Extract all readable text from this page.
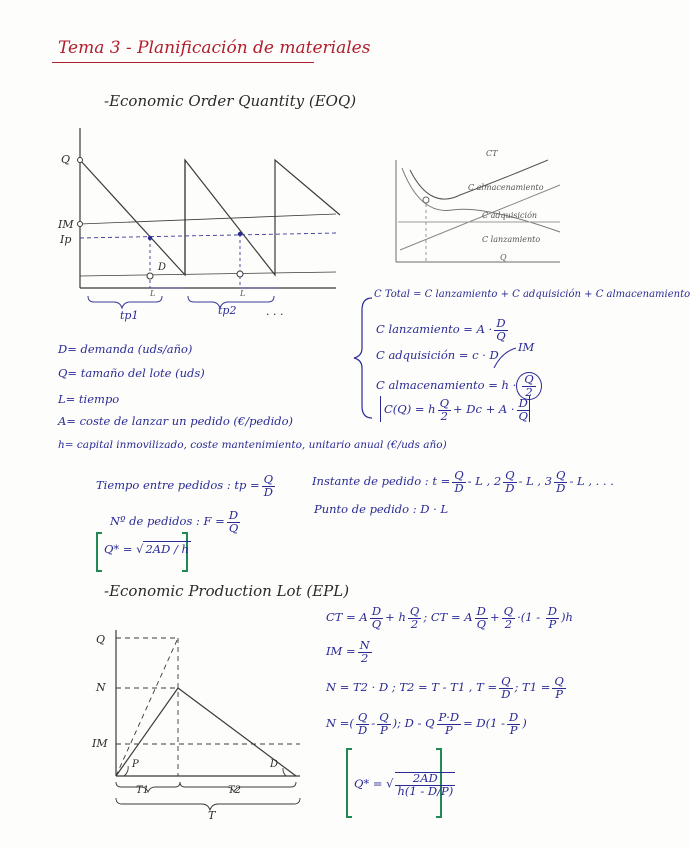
Tema 3 - Planificación de materiales
-Economic Order Quantity (EOQ)
Q
IM
Ip
D
L	L
tp1	tp2	. . .
CT
C almacenamiento
C adquisición
C lanzamiento
Q
D= demanda (uds/año)
Q= tamaño del lote (uds)
L= tiempo
A= coste de lanzar un pedido (€/pedido)
h= capital inmovilizado, coste mantenimiento, unitario anual (€/uds año)
C Total = C lanzamiento + C adquisición + C almacenamiento
C lanzamiento = $A \cdot \frac{D}{Q}$
C adquisición = c · D
C almacenamiento = $h \cdot \frac{Q}{2}$
IM
C(Q) = h $\frac{Q}{2} + Dc + A \cdot \frac{D}{Q}$
Tiempo entre pedidos : tp = $\frac{Q}{D}$
Nº de pedidos : $F = \frac{D}{Q}$
Instante de pedido : $t = \frac{Q}{D} - L$ , $2 \frac{Q}{D}$ - L , $3 \frac{Q}{D}$ - L , . . .
Punto de pedido : D · L
Q* = √ 2AD / h
-Economic Production Lot (EPL)
Q
N
IM
P	D
T1	T2
T
CT = A $\frac{D}{Q} + h \frac{Q}{2}$ ; CT = A $\frac{D}{Q} + \frac{Q}{2} \cdot(1 - \frac{D}{P} )h$
IM = $\frac{N}{2}$
N = T2 · D ; T2 = T - T1 , $T = \frac{Q}{D}$ ; $T1 = \frac{Q}{P}$
N =( $\frac{Q}{D} - \frac{Q}{P}$ ); D - Q $\frac{P\cdot D}{P} = D(1 - \frac{D}{P}$ )
Q* = √ $\frac{2AD}{h(1 - D/P)}$
